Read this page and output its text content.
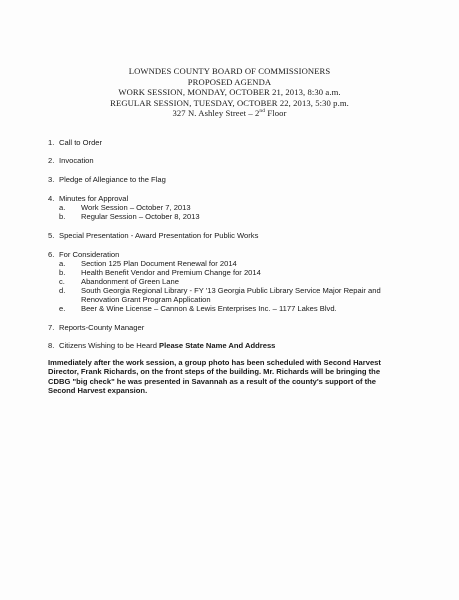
LOWNDES COUNTY BOARD OF COMMISSIONERS
PROPOSED AGENDA
WORK SESSION, MONDAY, OCTOBER 21, 2013, 8:30 a.m.
REGULAR SESSION, TUESDAY, OCTOBER 22, 2013, 5:30 p.m.
327 N. Ashley Street – 2nd Floor
1. Call to Order
2. Invocation
3. Pledge of Allegiance to the Flag
4. Minutes for Approval
a. Work Session – October 7, 2013
b. Regular Session – October 8, 2013
5. Special Presentation - Award Presentation for Public Works
6. For Consideration
a. Section 125 Plan Document Renewal for 2014
b. Health Benefit Vendor and Premium Change for 2014
c. Abandonment of Green Lane
d. South Georgia Regional Library - FY '13 Georgia Public Library Service Major Repair and
Renovation Grant Program Application
e. Beer & Wine License – Cannon & Lewis Enterprises Inc. – 1177 Lakes Blvd.
7. Reports-County Manager
8. Citizens Wishing to be Heard Please State Name And Address
Immediately after the work session, a group photo has been scheduled with Second Harvest
Director, Frank Richards, on the front steps of the building. Mr. Richards will be bringing the
CDBG "big check" he was presented in Savannah as a result of the county's support of the
Second Harvest expansion.
